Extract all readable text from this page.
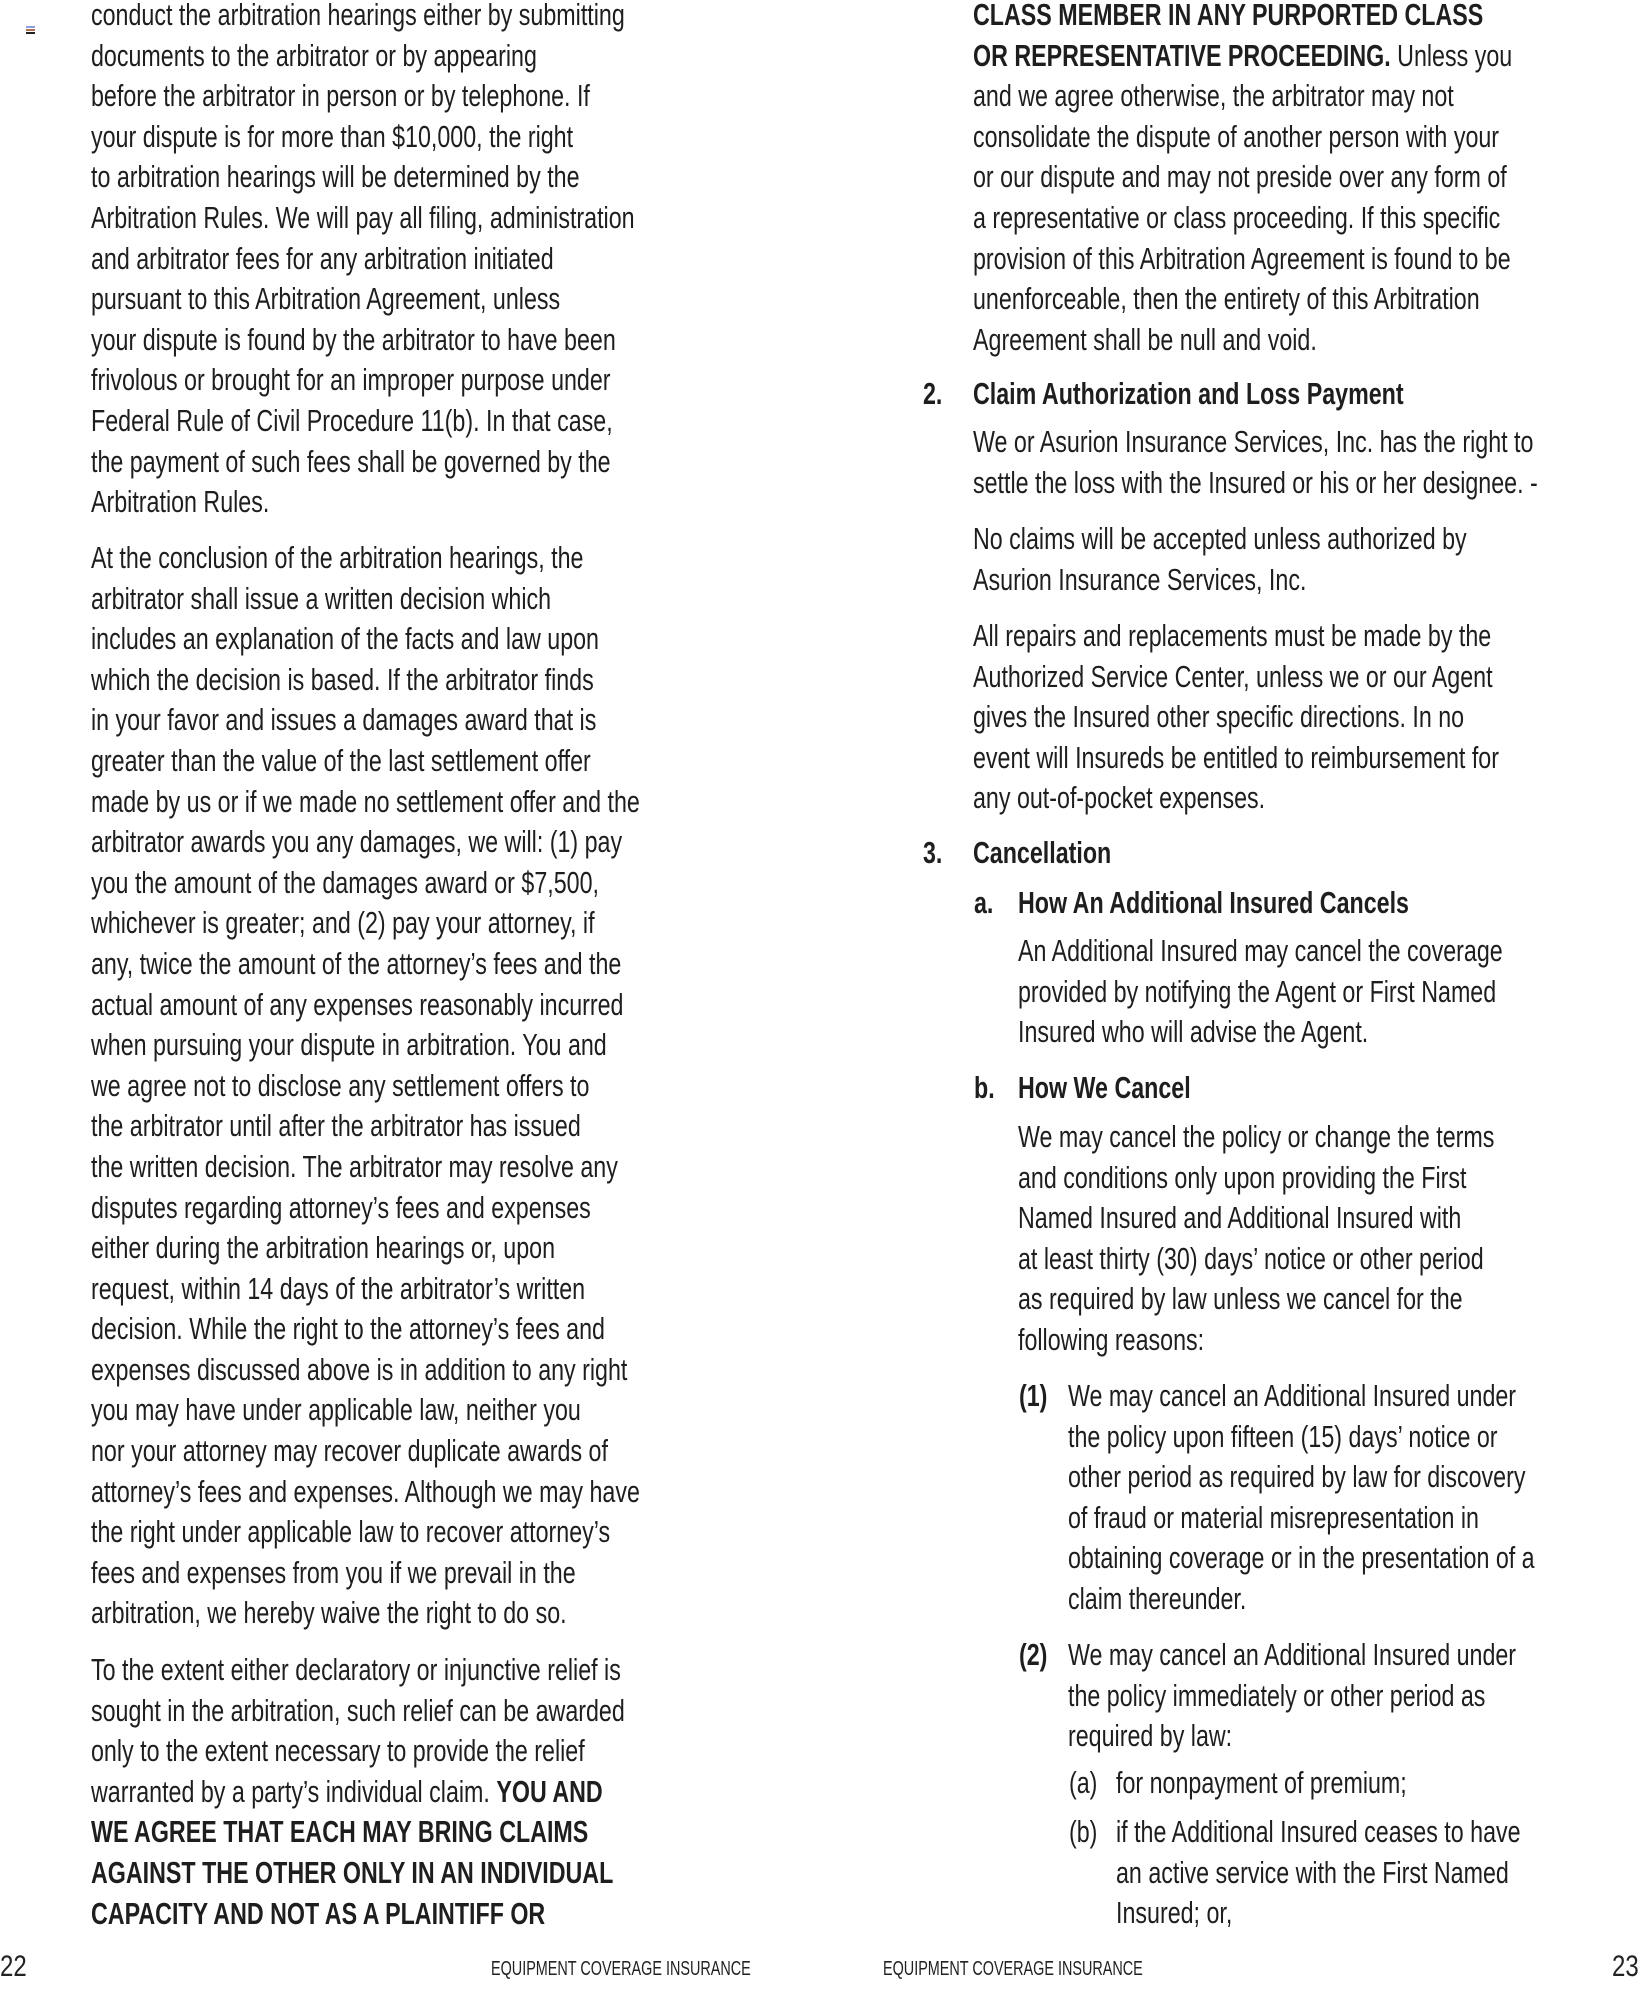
conduct the arbitration hearings either by submitting
documents to the arbitrator or by appearing
before the arbitrator in person or by telephone. If
your dispute is for more than $10,000, the right
to arbitration hearings will be determined by the
Arbitration Rules. We will pay all filing, administration
and arbitrator fees for any arbitration initiated
pursuant to this Arbitration Agreement, unless
your dispute is found by the arbitrator to have been
frivolous or brought for an improper purpose under
Federal Rule of Civil Procedure 11(b). In that case,
the payment of such fees shall be governed by the
Arbitration Rules.
At the conclusion of the arbitration hearings, the
arbitrator shall issue a written decision which
includes an explanation of the facts and law upon
which the decision is based. If the arbitrator finds
in your favor and issues a damages award that is
greater than the value of the last settlement offer
made by us or if we made no settlement offer and the
arbitrator awards you any damages, we will: (1) pay
you the amount of the damages award or $7,500,
whichever is greater; and (2) pay your attorney, if
any, twice the amount of the attorney’s fees and the
actual amount of any expenses reasonably incurred
when pursuing your dispute in arbitration. You and
we agree not to disclose any settlement offers to
the arbitrator until after the arbitrator has issued
the written decision. The arbitrator may resolve any
disputes regarding attorney’s fees and expenses
either during the arbitration hearings or, upon
request, within 14 days of the arbitrator’s written
decision. While the right to the attorney’s fees and
expenses discussed above is in addition to any right
you may have under applicable law, neither you
nor your attorney may recover duplicate awards of
attorney’s fees and expenses. Although we may have
the right under applicable law to recover attorney’s
fees and expenses from you if we prevail in the
arbitration, we hereby waive the right to do so.
To the extent either declaratory or injunctive relief is
sought in the arbitration, such relief can be awarded
only to the extent necessary to provide the relief
warranted by a party’s individual claim. YOU AND
WE AGREE THAT EACH MAY BRING CLAIMS
AGAINST THE OTHER ONLY IN AN INDIVIDUAL
CAPACITY AND NOT AS A PLAINTIFF OR
CLASS MEMBER IN ANY PURPORTED CLASS
OR REPRESENTATIVE PROCEEDING. Unless you
and we agree otherwise, the arbitrator may not
consolidate the dispute of another person with your
or our dispute and may not preside over any form of
a representative or class proceeding. If this specific
provision of this Arbitration Agreement is found to be
unenforceable, then the entirety of this Arbitration
Agreement shall be null and void.
2. Claim Authorization and Loss Payment
We or Asurion Insurance Services, Inc. has the right to
settle the loss with the Insured or his or her designee. -
No claims will be accepted unless authorized by
Asurion Insurance Services, Inc.
All repairs and replacements must be made by the
Authorized Service Center, unless we or our Agent
gives the Insured other specific directions. In no
event will Insureds be entitled to reimbursement for
any out-of-pocket expenses.
3. Cancellation
a. How An Additional Insured Cancels
An Additional Insured may cancel the coverage
provided by notifying the Agent or First Named
Insured who will advise the Agent.
b. How We Cancel
We may cancel the policy or change the terms
and conditions only upon providing the First
Named Insured and Additional Insured with
at least thirty (30) days’ notice or other period
as required by law unless we cancel for the
following reasons:
(1) We may cancel an Additional Insured under
the policy upon fifteen (15) days’ notice or
other period as required by law for discovery
of fraud or material misrepresentation in
obtaining coverage or in the presentation of a
claim thereunder.
(2) We may cancel an Additional Insured under
the policy immediately or other period as
required by law:
(a) for nonpayment of premium;
(b) if the Additional Insured ceases to have
an active service with the First Named
Insured; or,
22	EQUIPMENT COVERAGE INSURANCE	EQUIPMENT COVERAGE INSURANCE	23
